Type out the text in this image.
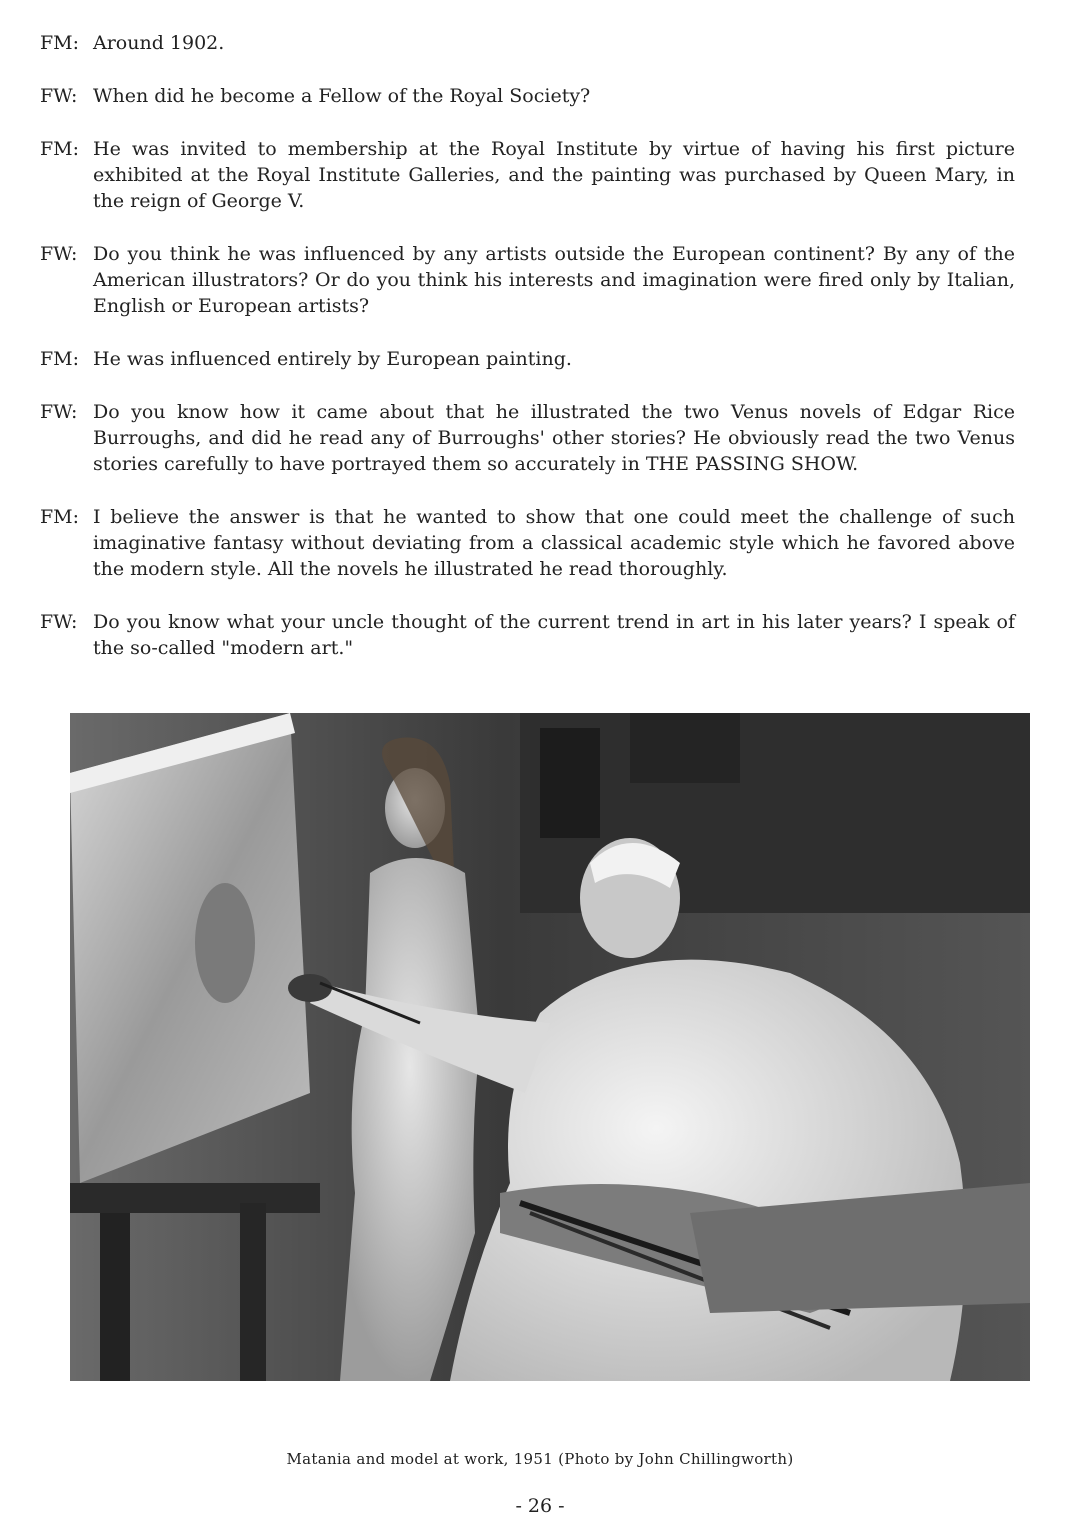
FM: Around 1902.
FW: When did he become a Fellow of the Royal Society?
FM: He was invited to membership at the Royal Institute by virtue of having his first picture exhibited at the Royal Institute Galleries, and the painting was purchased by Queen Mary, in the reign of George V.
FW: Do you think he was influenced by any artists outside the European continent? By any of the American illustrators? Or do you think his interests and imagination were fired only by Italian, English or European artists?
FM: He was influenced entirely by European painting.
FW: Do you know how it came about that he illustrated the two Venus novels of Edgar Rice Burroughs, and did he read any of Burroughs' other stories? He obviously read the two Venus stories carefully to have portrayed them so accurately in THE PASSING SHOW.
FM: I believe the answer is that he wanted to show that one could meet the challenge of such imaginative fantasy without deviating from a classical academic style which he favored above the modern style. All the novels he illustrated he read thoroughly.
FW: Do you know what your uncle thought of the current trend in art in his later years? I speak of the so-called "modern art."
Matania and model at work, 1951 (Photo by John Chillingworth)
- 26 -
